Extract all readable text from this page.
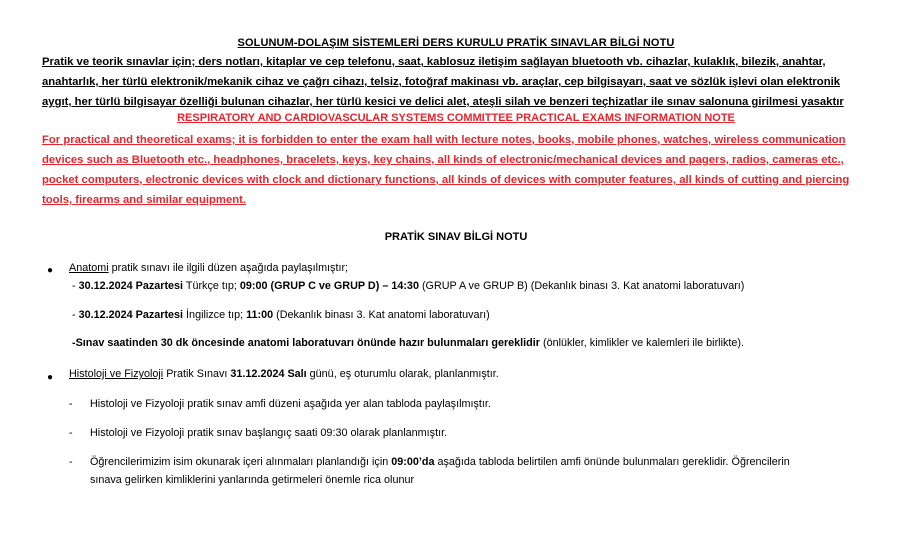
SOLUNUM-DOLAŞIM SİSTEMLERİ DERS KURULU PRATİK SINAVLAR BİLGİ NOTU
Pratik ve teorik sınavlar için; ders notları, kitaplar ve cep telefonu, saat, kablosuz iletişim sağlayan bluetooth vb. cihazlar, kulaklık, bilezik, anahtar,
anahtarlık, her türlü elektronik/mekanik cihaz ve çağrı cihazı, telsiz, fotoğraf makinası vb. araçlar, cep bilgisayarı, saat ve sözlük işlevi olan elektronik
aygıt, her türlü bilgisayar özelliği bulunan cihazlar, her türlü kesici ve delici alet, ateşli silah ve benzeri teçhizatlar ile sınav salonuna girilmesi yasaktır
RESPIRATORY AND CARDIOVASCULAR SYSTEMS COMMITTEE PRACTICAL EXAMS INFORMATION NOTE
For practical and theoretical exams; it is forbidden to enter the exam hall with lecture notes, books, mobile phones, watches, wireless communication
devices such as Bluetooth etc., headphones, bracelets, keys, key chains, all kinds of electronic/mechanical devices and pagers, radios, cameras etc.,
pocket computers, electronic devices with clock and dictionary functions, all kinds of devices with computer features, all kinds of cutting and piercing
tools, firearms and similar equipment.
PRATİK SINAV BİLGİ NOTU
● Anatomi pratik sınavı ile ilgili düzen aşağıda paylaşılmıştır;
- 30.12.2024 Pazartesi Türkçe tıp; 09:00 (GRUP C ve GRUP D) – 14:30 (GRUP A ve GRUP B) (Dekanlık binası 3. Kat anatomi laboratuvarı)
- 30.12.2024 Pazartesi İngilizce tıp; 11:00 (Dekanlık binası 3. Kat anatomi laboratuvarı)
-Sınav saatinden 30 dk öncesinde anatomi laboratuvarı önünde hazır bulunmaları gereklidir (önlükler, kimlikler ve kalemleri ile birlikte).
● Histoloji ve Fizyoloji Pratik Sınavı 31.12.2024 Salı günü, eş oturumlu olarak, planlanmıştır.
- Histoloji ve Fizyoloji pratik sınav amfi düzeni aşağıda yer alan tabloda paylaşılmıştır.
- Histoloji ve Fizyoloji pratik sınav başlangıç saati 09:30 olarak planlanmıştır.
- Öğrencilerimizim isim okunarak içeri alınmaları planlandığı için 09:00’da aşağıda tabloda belirtilen amfi önünde bulunmaları gereklidir. Öğrencilerin
sınava gelirken kimliklerini yanlarında getirmeleri önemle rica olunur
